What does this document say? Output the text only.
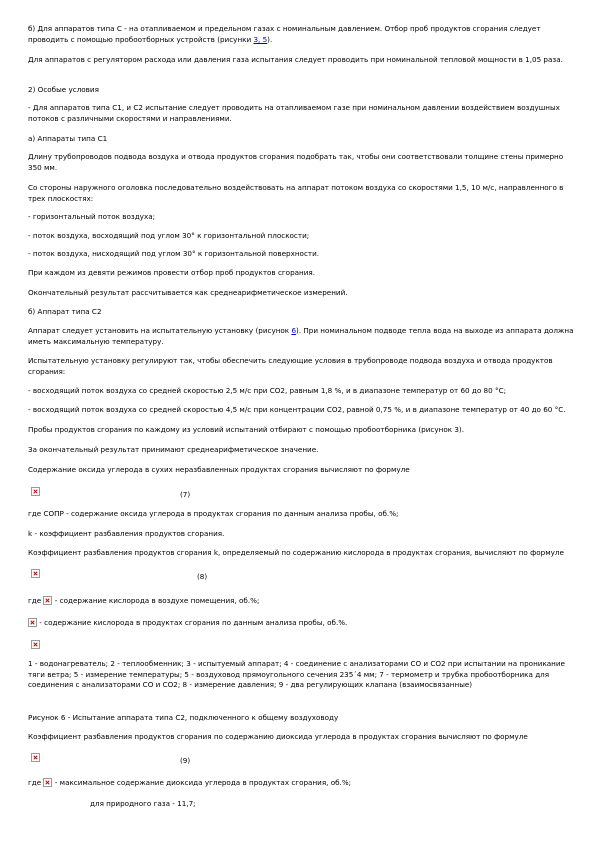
б) Для аппаратов типа С - на отапливаемом и предельном газах с номинальным давлением. Отбор проб продуктов сгорания следует проводить с помощью пробоотборных устройств (рисунки 3, 5).

Для аппаратов с регулятором расхода или давления газа испытания следует проводить при номинальной тепловой мощности в 1,05 раза.

2) Особые условия

- Для аппаратов типа С1, и С2 испытание следует проводить на отапливаемом газе при номинальном давлении воздействием воздушных потоков с различными скоростями и направлениями.

а) Аппараты типа С1

Длину трубопроводов подвода воздуха и отвода продуктов сгорания подобрать так, чтобы они соответствовали толщине стены примерно 350 мм.

Со стороны наружного оголовка последовательно воздействовать на аппарат потоком воздуха со скоростями 1,5, 10 м/с, направленного в трех плоскостях:

- горизонтальный поток воздуха;

- поток воздуха, восходящий под углом 30° к горизонтальной плоскости;

- поток воздуха, нисходящий под углом 30° к горизонтальной поверхности.

При каждом из девяти режимов провести отбор проб продуктов сгорания.

Окончательный результат рассчитывается как среднеарифметическое измерений.

б) Аппарат типа С2

Аппарат следует установить на испытательную установку (рисунок 6). При номинальном подводе тепла вода на выходе из аппарата должна иметь максимальную температуру.

Испытательную установку регулируют так, чтобы обеспечить следующие условия в трубопроводе подвода воздуха и отвода продуктов сгорания:

- восходящий поток воздуха со средней скоростью 2,5 м/с при СО2, равным 1,8 %, и в диапазоне температур от 60 до 80 °С;

- восходящий поток воздуха со средней скоростью 4,5 м/с при концентрации СО2, равной 0,75 %, и в диапазоне температур от 40 до 60 °С.

Пробы продуктов сгорания по каждому из условий испытаний отбирают с помощью пробоотборника (рисунок 3).

За окончательный результат принимают среднеарифметическое значение.

Содержание оксида углерода в сухих неразбавленных продуктах сгорания вычисляют по формуле

(7)

где СОПР - содержание оксида углерода в продуктах сгорания по данным анализа пробы, об.%;

k - коэффициент разбавления продуктов сгорания.

Коэффициент разбавления продуктов сгорания k, определяемый по содержанию кислорода в продуктах сгорания, вычисляют по формуле

(8)

где - содержание кислорода в воздухе помещения, об.%;

- содержание кислорода в продуктах сгорания по данным анализа пробы, об.%.

1 - водонагреватель; 2 - теплообменник; 3 - испытуемый аппарат; 4 - соединение с анализаторами СО и СО2 при испытании на проникание тяги ветра; 5 - измерение температуры; 5 - воздуховод прямоугольного сечения 235´4 мм; 7 - термометр и трубка пробоотборника для соединения с анализаторами СО и СО2; 8 - измерение давления; 9 - два регулирующих клапана (взаимосвязанные)

Рисунок 6 - Испытание аппарата типа С2, подключенного к общему воздуховоду

Коэффициент разбавления продуктов сгорания по содержанию диоксида углерода в продуктах сгорания вычисляют по формуле

(9)

где - максимальное содержание диоксида углерода в продуктах сгорания, об.%;

для природного газа - 11,7;
